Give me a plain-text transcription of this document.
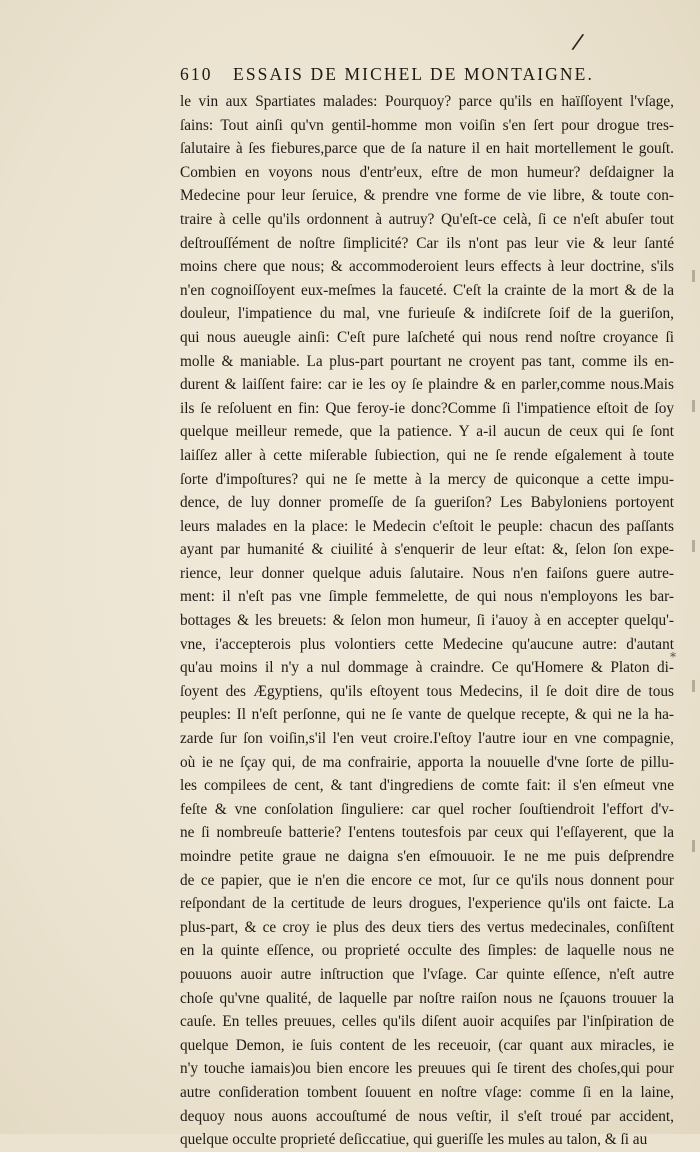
/
610 ESSAIS DE MICHEL DE MONTAIGNE.
le vin aux Spartiates malades: Pourquoy? parce qu'ils en haïſſoyent l'vſage,
ſains: Tout ainſi qu'vn gentil-homme mon voiſin s'en ſert pour drogue tres-
ſalutaire à ſes fiebures,parce que de ſa nature il en hait mortellement le gouſt.
Combien en voyons nous d'entr'eux, eſtre de mon humeur? deſdaigner la
Medecine pour leur ſeruice, & prendre vne forme de vie libre, & toute con-
traire à celle qu'ils ordonnent à autruy? Qu'eſt-ce celà, ſi ce n'eſt abuſer tout
deſtrouſſément de noſtre ſimplicité? Car ils n'ont pas leur vie & leur ſanté
moins chere que nous; & accommoderoient leurs effects à leur doctrine, s'ils
n'en cognoiſſoyent eux-meſmes la fauceté. C'eſt la crainte de la mort & de la
douleur, l'impatience du mal, vne furieuſe & indiſcrete ſoif de la gueriſon,
qui nous aueugle ainſi: C'eſt pure laſcheté qui nous rend noſtre croyance ſi
molle & maniable. La plus-part pourtant ne croyent pas tant, comme ils en-
durent & laiſſent faire: car ie les oy ſe plaindre & en parler,comme nous.Mais
ils ſe reſoluent en fin: Que feroy-ie donc?Comme ſi l'impatience eſtoit de ſoy
quelque meilleur remede, que la patience. Y a-il aucun de ceux qui ſe ſont
laiſſez aller à cette miſerable ſubiection, qui ne ſe rende eſgalement à toute
ſorte d'impoſtures? qui ne ſe mette à la mercy de quiconque a cette impu-
dence, de luy donner promeſſe de ſa gueriſon? Les Babyloniens portoyent
leurs malades en la place: le Medecin c'eſtoit le peuple: chacun des paſſants
ayant par humanité & ciuilité à s'enquerir de leur eſtat: &, ſelon ſon expe-
rience, leur donner quelque aduis ſalutaire. Nous n'en faiſons guere autre-
ment: il n'eſt pas vne ſimple femmelette, de qui nous n'employons les bar-
bottages & les breuets: & ſelon mon humeur, ſi i'auoy à en accepter quelqu'-
vne, i'accepterois plus volontiers cette Medecine qu'aucune autre: d'autant
qu'au moins il n'y a nul dommage à craindre. Ce qu'Homere & Platon di-
ſoyent des Ægyptiens, qu'ils eſtoyent tous Medecins, il ſe doit dire de tous
peuples: Il n'eſt perſonne, qui ne ſe vante de quelque recepte, & qui ne la ha-
zarde ſur ſon voiſin,s'il l'en veut croire.I'eſtoy l'autre iour en vne compagnie,
où ie ne ſçay qui, de ma confrairie, apporta la nouuelle d'vne ſorte de pillu-
les compilees de cent, & tant d'ingrediens de comte fait: il s'en eſmeut vne
feſte & vne conſolation ſinguliere: car quel rocher ſouſtiendroit l'effort d'v-
ne ſi nombreuſe batterie? I'entens toutesfois par ceux qui l'eſſayerent, que la
moindre petite graue ne daigna s'en eſmouuoir. Ie ne me puis deſprendre
de ce papier, que ie n'en die encore ce mot, ſur ce qu'ils nous donnent pour
reſpondant de la certitude de leurs drogues, l'experience qu'ils ont faicte. La
plus-part, & ce croy ie plus des deux tiers des vertus medecinales, conſiſtent
en la quinte eſſence, ou proprieté occulte des ſimples: de laquelle nous ne
pouuons auoir autre inſtruction que l'vſage. Car quinte eſſence, n'eſt autre
choſe qu'vne qualité, de laquelle par noſtre raiſon nous ne ſçauons trouuer la
cauſe. En telles preuues, celles qu'ils diſent auoir acquiſes par l'inſpiration de
quelque Demon, ie ſuis content de les receuoir, (car quant aux miracles, ie
n'y touche iamais)ou bien encore les preuues qui ſe tirent des choſes,qui pour
autre conſideration tombent ſouuent en noſtre vſage: comme ſi en la laine,
dequoy nous auons accouſtumé de nous veſtir, il s'eſt troué par accident,
quelque occulte proprieté deſiccatiue, qui gueriſſe les mules au talon, & ſi au
*
